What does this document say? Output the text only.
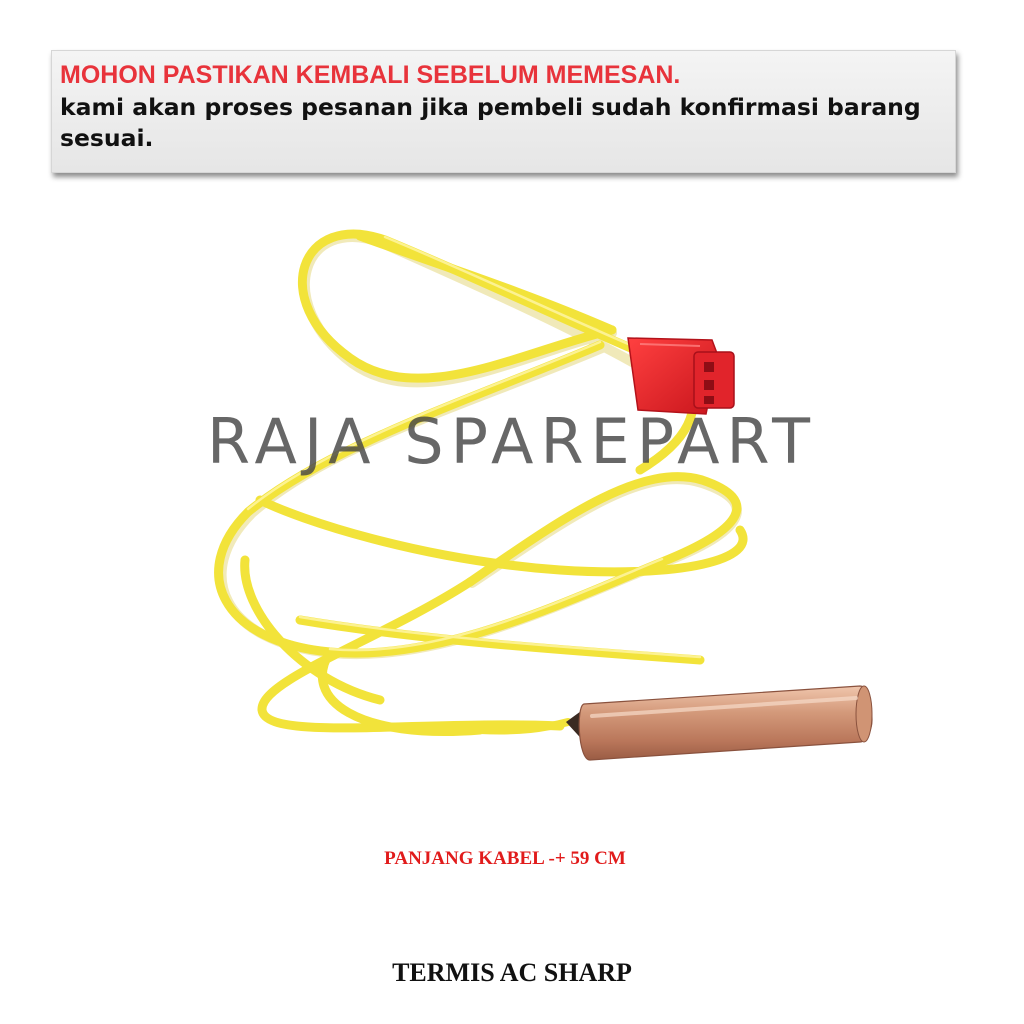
MOHON PASTIKAN KEMBALI SEBELUM MEMESAN.
kami akan proses pesanan jika pembeli sudah konfirmasi barang sesuai.
RAJA SPAREPART
PANJANG KABEL -+ 59 CM
TERMIS AC SHARP
